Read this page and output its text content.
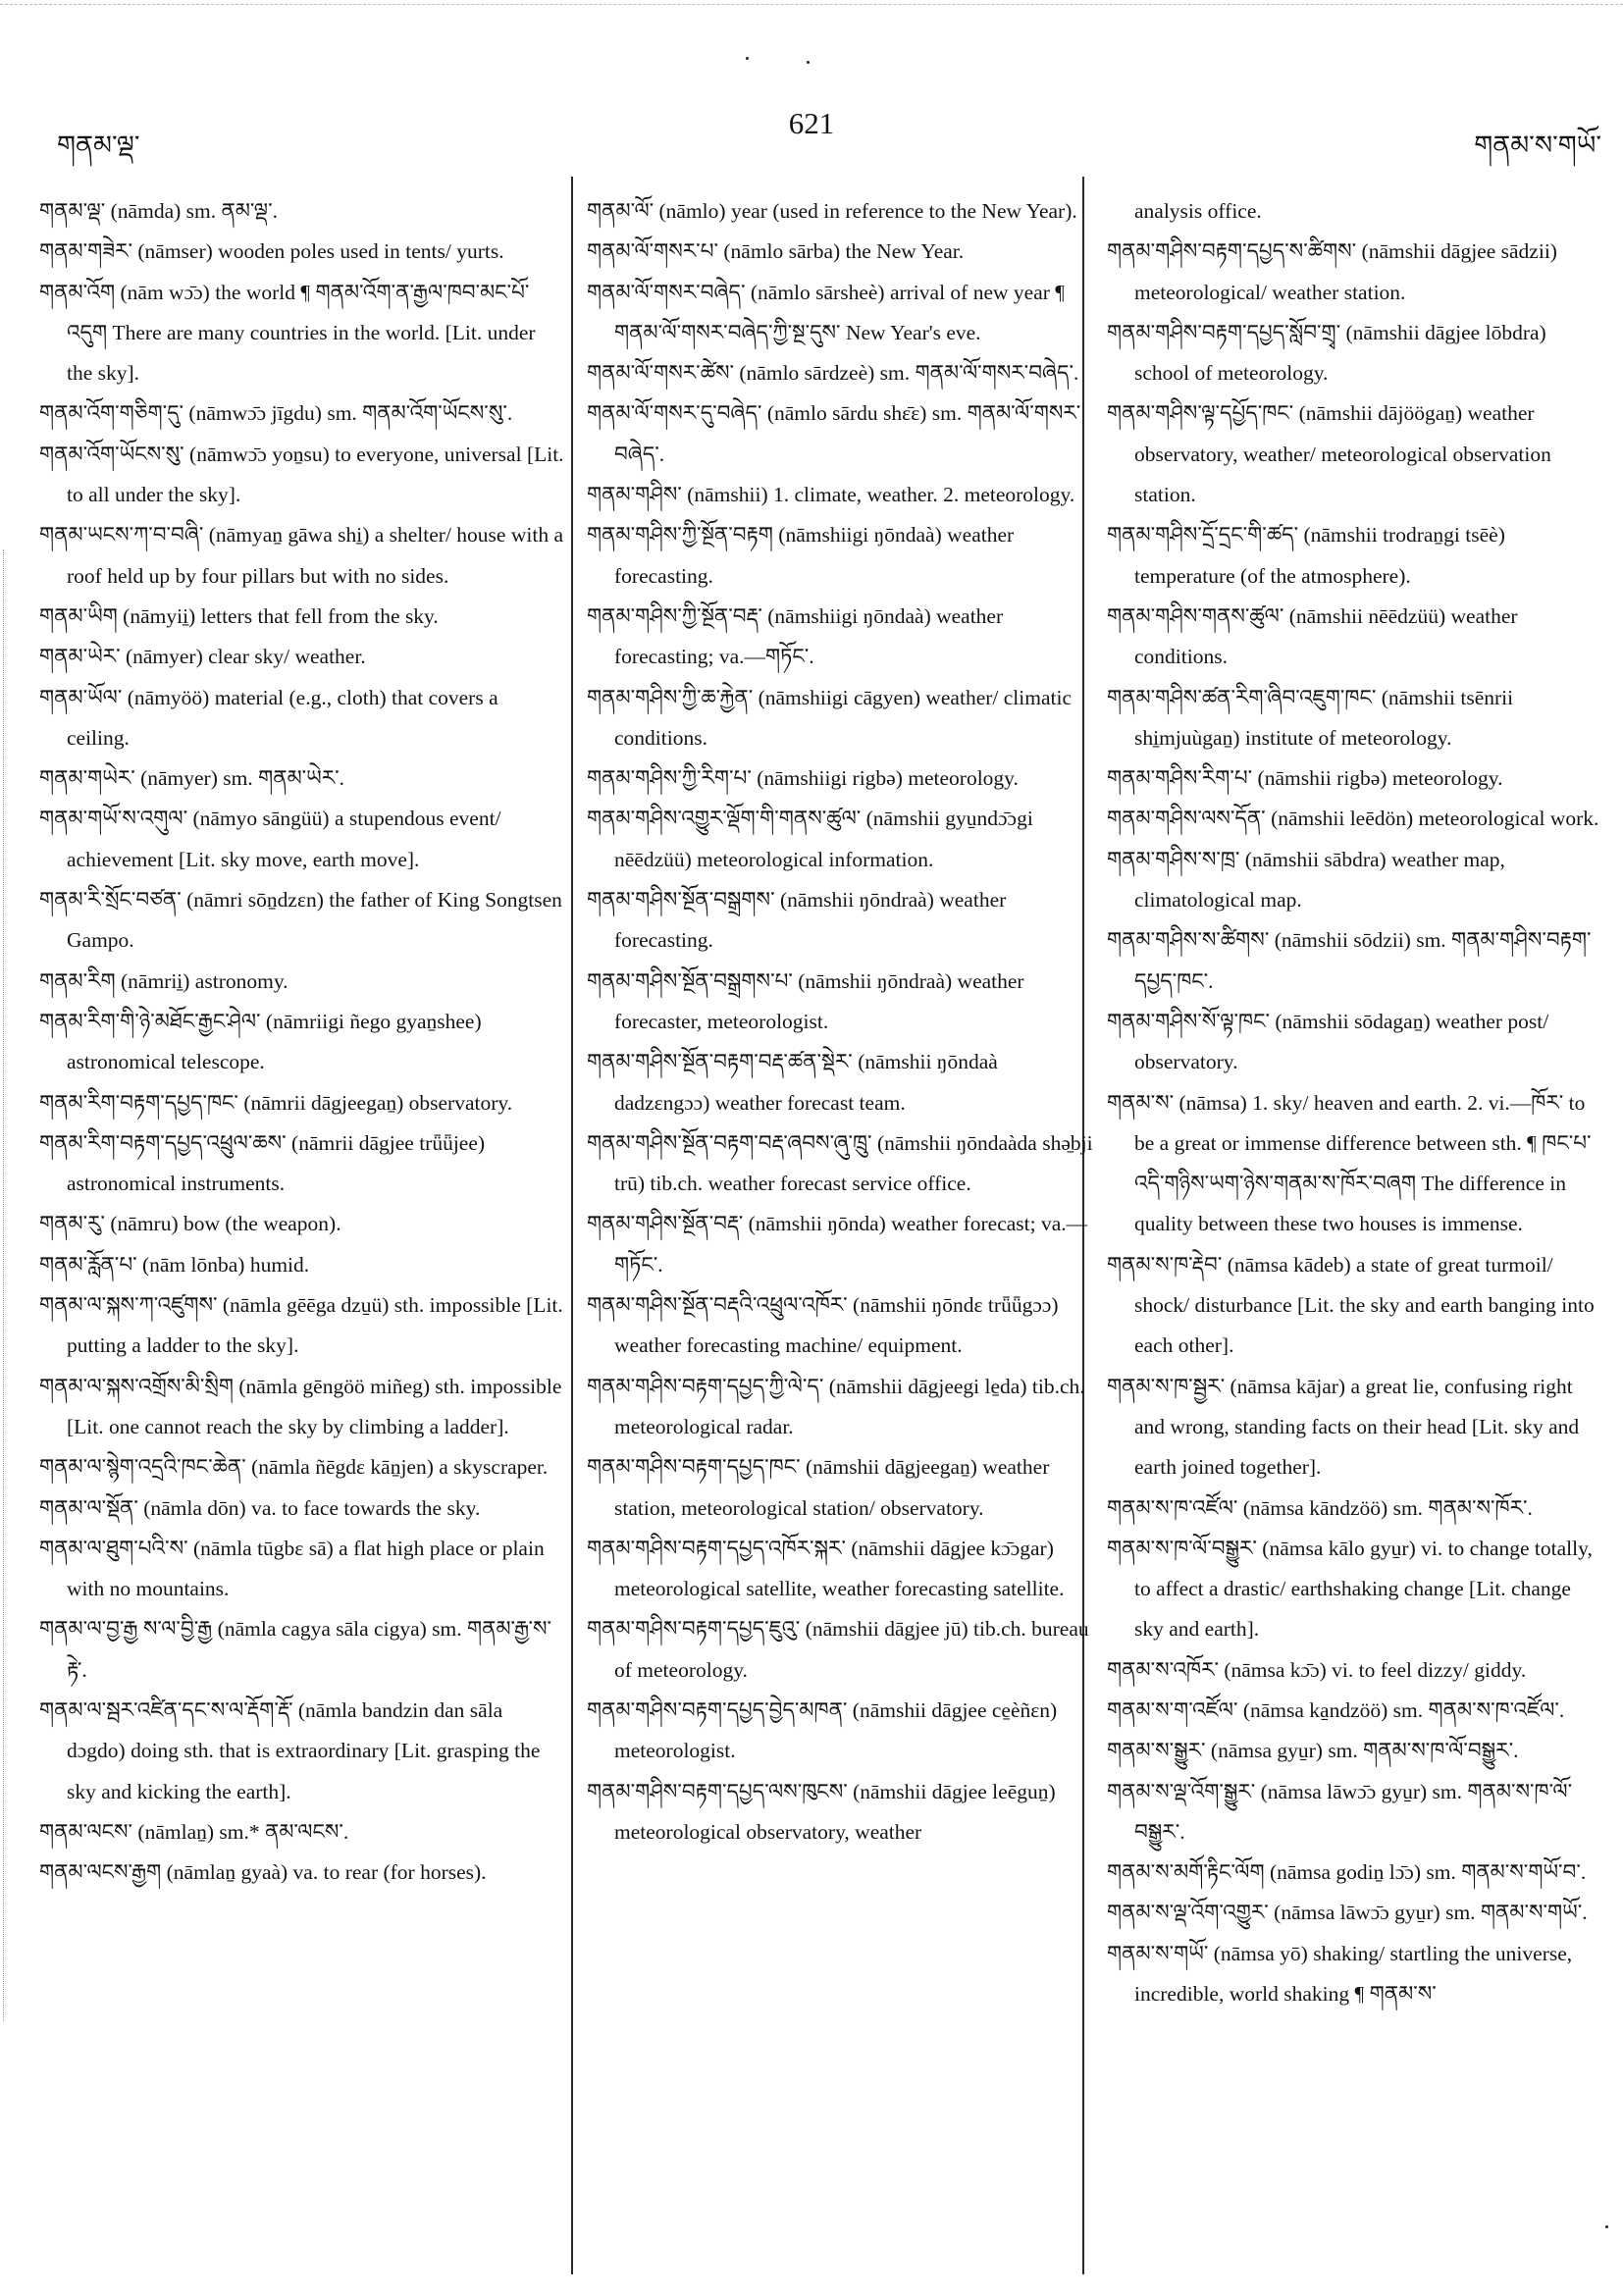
གནམ་ལྡ་
621
གནམ་ས་གཡོ་
གནམ་ལྡ་ (nāmda) sm. ནམ་ལྡ་.
གནམ་གཟེར་ (nāmser) wooden poles used in tents/ yurts.
གནམ་འོག (nām wɔ̄ɔ) the world ¶ གནམ་འོག་ན་རྒྱལ་ཁབ་མང་པོ་འདུག There are many countries in the world. [Lit. under the sky].
གནམ་འོག་གཅིག་དུ་ (nāmwɔ̄ɔ jīgdu) sm. གནམ་འོག་ཡོངས་སུ་.
གནམ་འོག་ཡོངས་སུ་ (nāmwɔ̄ɔ yoṉsu) to everyone, universal [Lit. to all under the sky].
གནམ་ཡངས་ཀ་བ་བཞི་ (nāmyaṉ gāwa shi̱) a shelter/ house with a roof held up by four pillars but with no sides.
གནམ་ཡིག (nāmyii̱) letters that fell from the sky.
གནམ་ཡེར་ (nāmyer) clear sky/ weather.
གནམ་ཡོལ་ (nāmyöö) material (e.g., cloth) that covers a ceiling.
གནམ་གཡེར་ (nāmyer) sm. གནམ་ཡེར་.
གནམ་གཡོ་ས་འགུལ་ (nāmyo sāngüü) a stupendous event/ achievement [Lit. sky move, earth move].
གནམ་རི་སྲོང་བཙན་ (nāmri sōṉdzɛn) the father of King Songtsen Gampo.
གནམ་རིག (nāmrii̱) astronomy.
གནམ་རིག་གི་ཉེ་མཐོང་རྒྱང་ཤེལ་ (nāmriigi ñego gyaṉshee) astronomical telescope.
གནམ་རིག་བརྟག་དཔྱད་ཁང་ (nāmrii dāgjeegaṉ) observatory.
གནམ་རིག་བརྟག་དཔྱད་འཕྲུལ་ཆས་ (nāmrii dāgjee trǖǖjee) astronomical instruments.
གནམ་རུ་ (nāmru) bow (the weapon).
གནམ་རློན་པ་ (nām lōnba) humid.
གནམ་ལ་སྐས་ཀ་འཛུགས་ (nāmla gēēga dzu̱ü) sth. impossible [Lit. putting a ladder to the sky].
གནམ་ལ་སྐས་འགྲོས་མི་སྲིག (nāmla gēngöö miñeg) sth. impossible [Lit. one cannot reach the sky by climbing a ladder].
གནམ་ལ་སྙེག་འདྲའི་ཁང་ཆེན་ (nāmla ñēgdɛ kāṉjen) a skyscraper.
གནམ་ལ་སྡོན་ (nāmla dōn) va. to face towards the sky.
གནམ་ལ་ཐུག་པའི་ས་ (nāmla tūgbɛ sā) a flat high place or plain with no mountains.
གནམ་ལ་བྱ་རྒྱ ས་ལ་བྱི་རྒྱ (nāmla cagya sāla cigya) sm. གནམ་རྒྱ་ས་རྟེ་.
གནམ་ལ་སྦར་འཛིན་དང་ས་ལ་རྡོག་རྡོ་ (nāmla bandzin dan sāla dɔgdo) doing sth. that is extraordinary [Lit. grasping the sky and kicking the earth].
གནམ་ལངས་ (nāmlaṉ) sm.* ནམ་ལངས་.
གནམ་ལངས་རྒྱག (nāmlaṉ gyaà) va. to rear (for horses).
གནམ་ལོ་ (nāmlo) year (used in reference to the New Year).
གནམ་ལོ་གསར་པ་ (nāmlo sārba) the New Year.
གནམ་ལོ་གསར་བཞེད་ (nāmlo sārsheè) arrival of new year ¶ གནམ་ལོ་གསར་བཞེད་ཀྱི་སྔ་དུས་ New Year's eve.
གནམ་ལོ་གསར་ཚེས་ (nāmlo sārdzeè) sm. གནམ་ལོ་གསར་བཞེད་.
གནམ་ལོ་གསར་དུ་བཞེད་ (nāmlo sārdu shɛ̄ɛ) sm. གནམ་ལོ་གསར་བཞེད་.
གནམ་གཤིས་ (nāmshii) 1. climate, weather. 2. meteorology.
གནམ་གཤིས་ཀྱི་སྔོན་བརྟག (nāmshiigi ŋōndaà) weather forecasting.
གནམ་གཤིས་ཀྱི་སྔོན་བརྡ་ (nāmshiigi ŋōndaà) weather forecasting; va.—གཏོང་.
གནམ་གཤིས་ཀྱི་ཆ་རྐྱེན་ (nāmshiigi cāgyen) weather/ climatic conditions.
གནམ་གཤིས་ཀྱི་རིག་པ་ (nāmshiigi rigbə) meteorology.
གནམ་གཤིས་འགྱུར་ལྡོག་གི་གནས་ཚུལ་ (nāmshii gyu̱ndɔ̄ɔgi nēēdzüü) meteorological information.
གནམ་གཤིས་སྔོན་བསྒྲགས་ (nāmshii ŋōndraà) weather forecasting.
གནམ་གཤིས་སྔོན་བསྒྲགས་པ་ (nāmshii ŋōndraà) weather forecaster, meteorologist.
གནམ་གཤིས་སྔོན་བརྟག་བརྡ་ཚན་སྡེར་ (nāmshii ŋōndaà dadzɛngɔɔ) weather forecast team.
གནམ་གཤིས་སྔོན་བརྟག་བརྡ་ཞབས་ཞུ་ཁྲུ་ (nāmshii ŋōndaàda shə̱bji trū) tib.ch. weather forecast service office.
གནམ་གཤིས་སྔོན་བརྡ་ (nāmshii ŋōnda) weather forecast; va.—གཏོང་.
གནམ་གཤིས་སྔོན་བརྡའི་འཕྲུལ་འཁོར་ (nāmshii ŋōndɛ trǖǖgɔɔ) weather forecasting machine/ equipment.
གནམ་གཤིས་བརྟག་དཔྱད་ཀྱི་ལེ་ད་ (nāmshii dāgjeegi le̱da) tib.ch. meteorological radar.
གནམ་གཤིས་བརྟག་དཔྱད་ཁང་ (nāmshii dāgjeegaṉ) weather station, meteorological station/ observatory.
གནམ་གཤིས་བརྟག་དཔྱད་འཁོར་སྐར་ (nāmshii dāgjee kɔ̄ɔgar) meteorological satellite, weather forecasting satellite.
གནམ་གཤིས་བརྟག་དཔྱད་ཇུའུ་ (nāmshii dāgjee jū) tib.ch. bureau of meteorology.
གནམ་གཤིས་བརྟག་དཔྱད་བྱེད་མཁན་ (nāmshii dāgjee ce̱èñɛn) meteorologist.
གནམ་གཤིས་བརྟག་དཔྱད་ལས་ཁུངས་ (nāmshii dāgjee leēguṉ) meteorological observatory, weather
analysis office.
གནམ་གཤིས་བརྟག་དཔྱད་ས་ཚིགས་ (nāmshii dāgjee sādzii) meteorological/ weather station.
གནམ་གཤིས་བརྟག་དཔྱད་སློབ་གྲྭ་ (nāmshii dāgjee lōbdra) school of meteorology.
གནམ་གཤིས་ལྟ་དཔྱོད་ཁང་ (nāmshii dājöögaṉ) weather observatory, weather/ meteorological observation station.
གནམ་གཤིས་དྲོ་དྲང་གི་ཚད་ (nāmshii trodraṉgi tsēè) temperature (of the atmosphere).
གནམ་གཤིས་གནས་ཚུལ་ (nāmshii nēēdzüü) weather conditions.
གནམ་གཤིས་ཚན་རིག་ཞིབ་འཇུག་ཁང་ (nāmshii tsēnrii shi̱mjuùgaṉ) institute of meteorology.
གནམ་གཤིས་རིག་པ་ (nāmshii rigbə) meteorology.
གནམ་གཤིས་ལས་དོན་ (nāmshii leēdön) meteorological work.
གནམ་གཤིས་ས་ཁྲ་ (nāmshii sābdra) weather map, climatological map.
གནམ་གཤིས་ས་ཚིགས་ (nāmshii sōdzii) sm. གནམ་གཤིས་བརྟག་དཔྱད་ཁང་.
གནམ་གཤིས་སོ་ལྟ་ཁང་ (nāmshii sōdagaṉ) weather post/ observatory.
གནམ་ས་ (nāmsa) 1. sky/ heaven and earth. 2. vi.—ཁོར་ to be a great or immense difference between sth. ¶ ཁང་པ་འདི་གཉིས་ཡག་ཉེས་གནམ་ས་ཁོར་བཞག The difference in quality between these two houses is immense.
གནམ་ས་ཁ་རྡེབ་ (nāmsa kādeb) a state of great turmoil/ shock/ disturbance [Lit. the sky and earth banging into each other].
གནམ་ས་ཁ་སྦྱར་ (nāmsa kājar) a great lie, confusing right and wrong, standing facts on their head [Lit. sky and earth joined together].
གནམ་ས་ཁ་འཛོལ་ (nāmsa kāndzöö) sm. གནམ་ས་ཁོར་.
གནམ་ས་ཁ་ལོ་བསྒྱུར་ (nāmsa kālo gyu̱r) vi. to change totally, to affect a drastic/ earthshaking change [Lit. change sky and earth].
གནམ་ས་འཁོར་ (nāmsa kɔ̄ɔ) vi. to feel dizzy/ giddy.
གནམ་ས་ག་འཛོལ་ (nāmsa ka̱ndzöö) sm. གནམ་ས་ཁ་འཛོལ་.
གནམ་ས་སྒྱུར་ (nāmsa gyu̱r) sm. གནམ་ས་ཁ་ལོ་བསྒྱུར་.
གནམ་ས་ལྡ་འོག་སྒྱུར་ (nāmsa lāwɔ̄ɔ gyu̱r) sm. གནམ་ས་ཁ་ལོ་བསྒྱུར་.
གནམ་ས་མགོ་རྟིང་ལོག (nāmsa godiṉ lɔ̄ɔ) sm. གནམ་ས་གཡོ་བ་.
གནམ་ས་ལྡ་འོག་འགྱུར་ (nāmsa lāwɔ̄ɔ gyu̱r) sm. གནམ་ས་གཡོ་.
གནམ་ས་གཡོ་ (nāmsa yō) shaking/ startling the universe, incredible, world shaking ¶ གནམ་ས་
